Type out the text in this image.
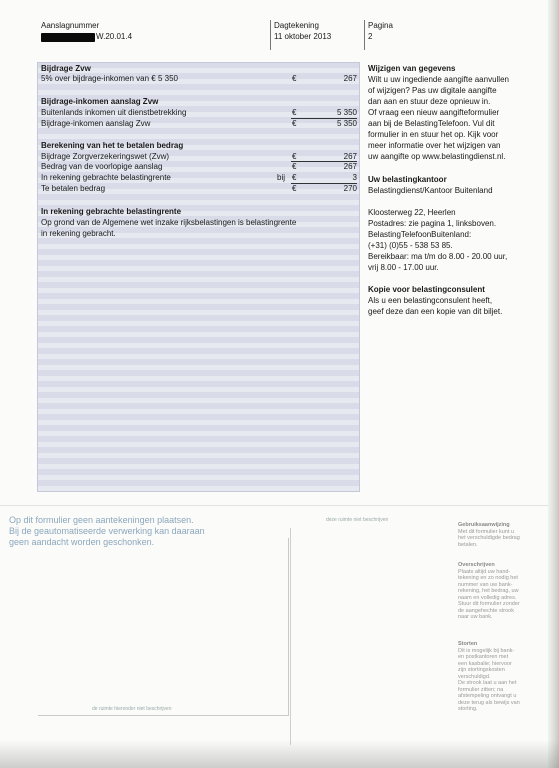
Aanslagnummer
W.20.01.4
Dagtekening
11 oktober 2013
Pagina
2
Bijdrage Zvw
5% over bijdrage-inkomen van € 5 350	€	267
Bijdrage-inkomen aanslag Zvw
Buitenlands inkomen uit dienstbetrekking	€	5 350
Bijdrage-inkomen aanslag Zvw	€	5 350
Berekening van het te betalen bedrag
Bijdrage Zorgverzekeringswet (Zvw)	€	267
Bedrag van de voorlopige aanslag	€	267
In rekening gebrachte belastingrente	bij €	3
Te betalen bedrag	€	270
In rekening gebrachte belastingrente
Op grond van de Algemene wet inzake rijksbelastingen is belastingrente
in rekening gebracht.
Wijzigen van gegevens
Wilt u uw ingediende aangifte aanvullen
of wijzigen? Pas uw digitale aangifte
dan aan en stuur deze opnieuw in.
Of vraag een nieuw aangifteformulier
aan bij de BelastingTelefoon. Vul dit
formulier in en stuur het op. Kijk voor
meer informatie over het wijzigen van
uw aangifte op www.belastingdienst.nl.
Uw belastingkantoor
Belastingdienst/Kantoor Buitenland
Kloosterweg 22, Heerlen
Postadres: zie pagina 1, linksboven.
BelastingTelefoonBuitenland:
(+31) (0)55 - 538 53 85.
Bereikbaar: ma t/m do 8.00 - 20.00 uur,
vrij 8.00 - 17.00 uur.
Kopie voor belastingconsulent
Als u een belastingconsulent heeft,
geef deze dan een kopie van dit biljet.
Op dit formulier geen aantekeningen plaatsen.
Bij de geautomatiseerde verwerking kan daaraan
geen aandacht worden geschonken.
deze ruimte niet beschrijven
de ruimte hieronder niet beschrijven
Gebruiksaanwijzing
Met dit formulier kunt u
het verschuldigde bedrag
betalen.
Overschrijven
Plaats altijd uw hand-
tekening en zo nodig het
nummer van uw bank-
rekening, het bedrag, uw
naam en volledig adres.
Stuur dit formulier zonder
de aangehechte strook
naar uw bank.
Storten
Dit is mogelijk bij bank-
en postkantoren met
een kasbalie; hiervoor
zijn stortingskosten
verschuldigd.
De strook laat u aan het
formulier zitten; na
afstempeling ontvangt u
deze terug als bewijs van
storting.
